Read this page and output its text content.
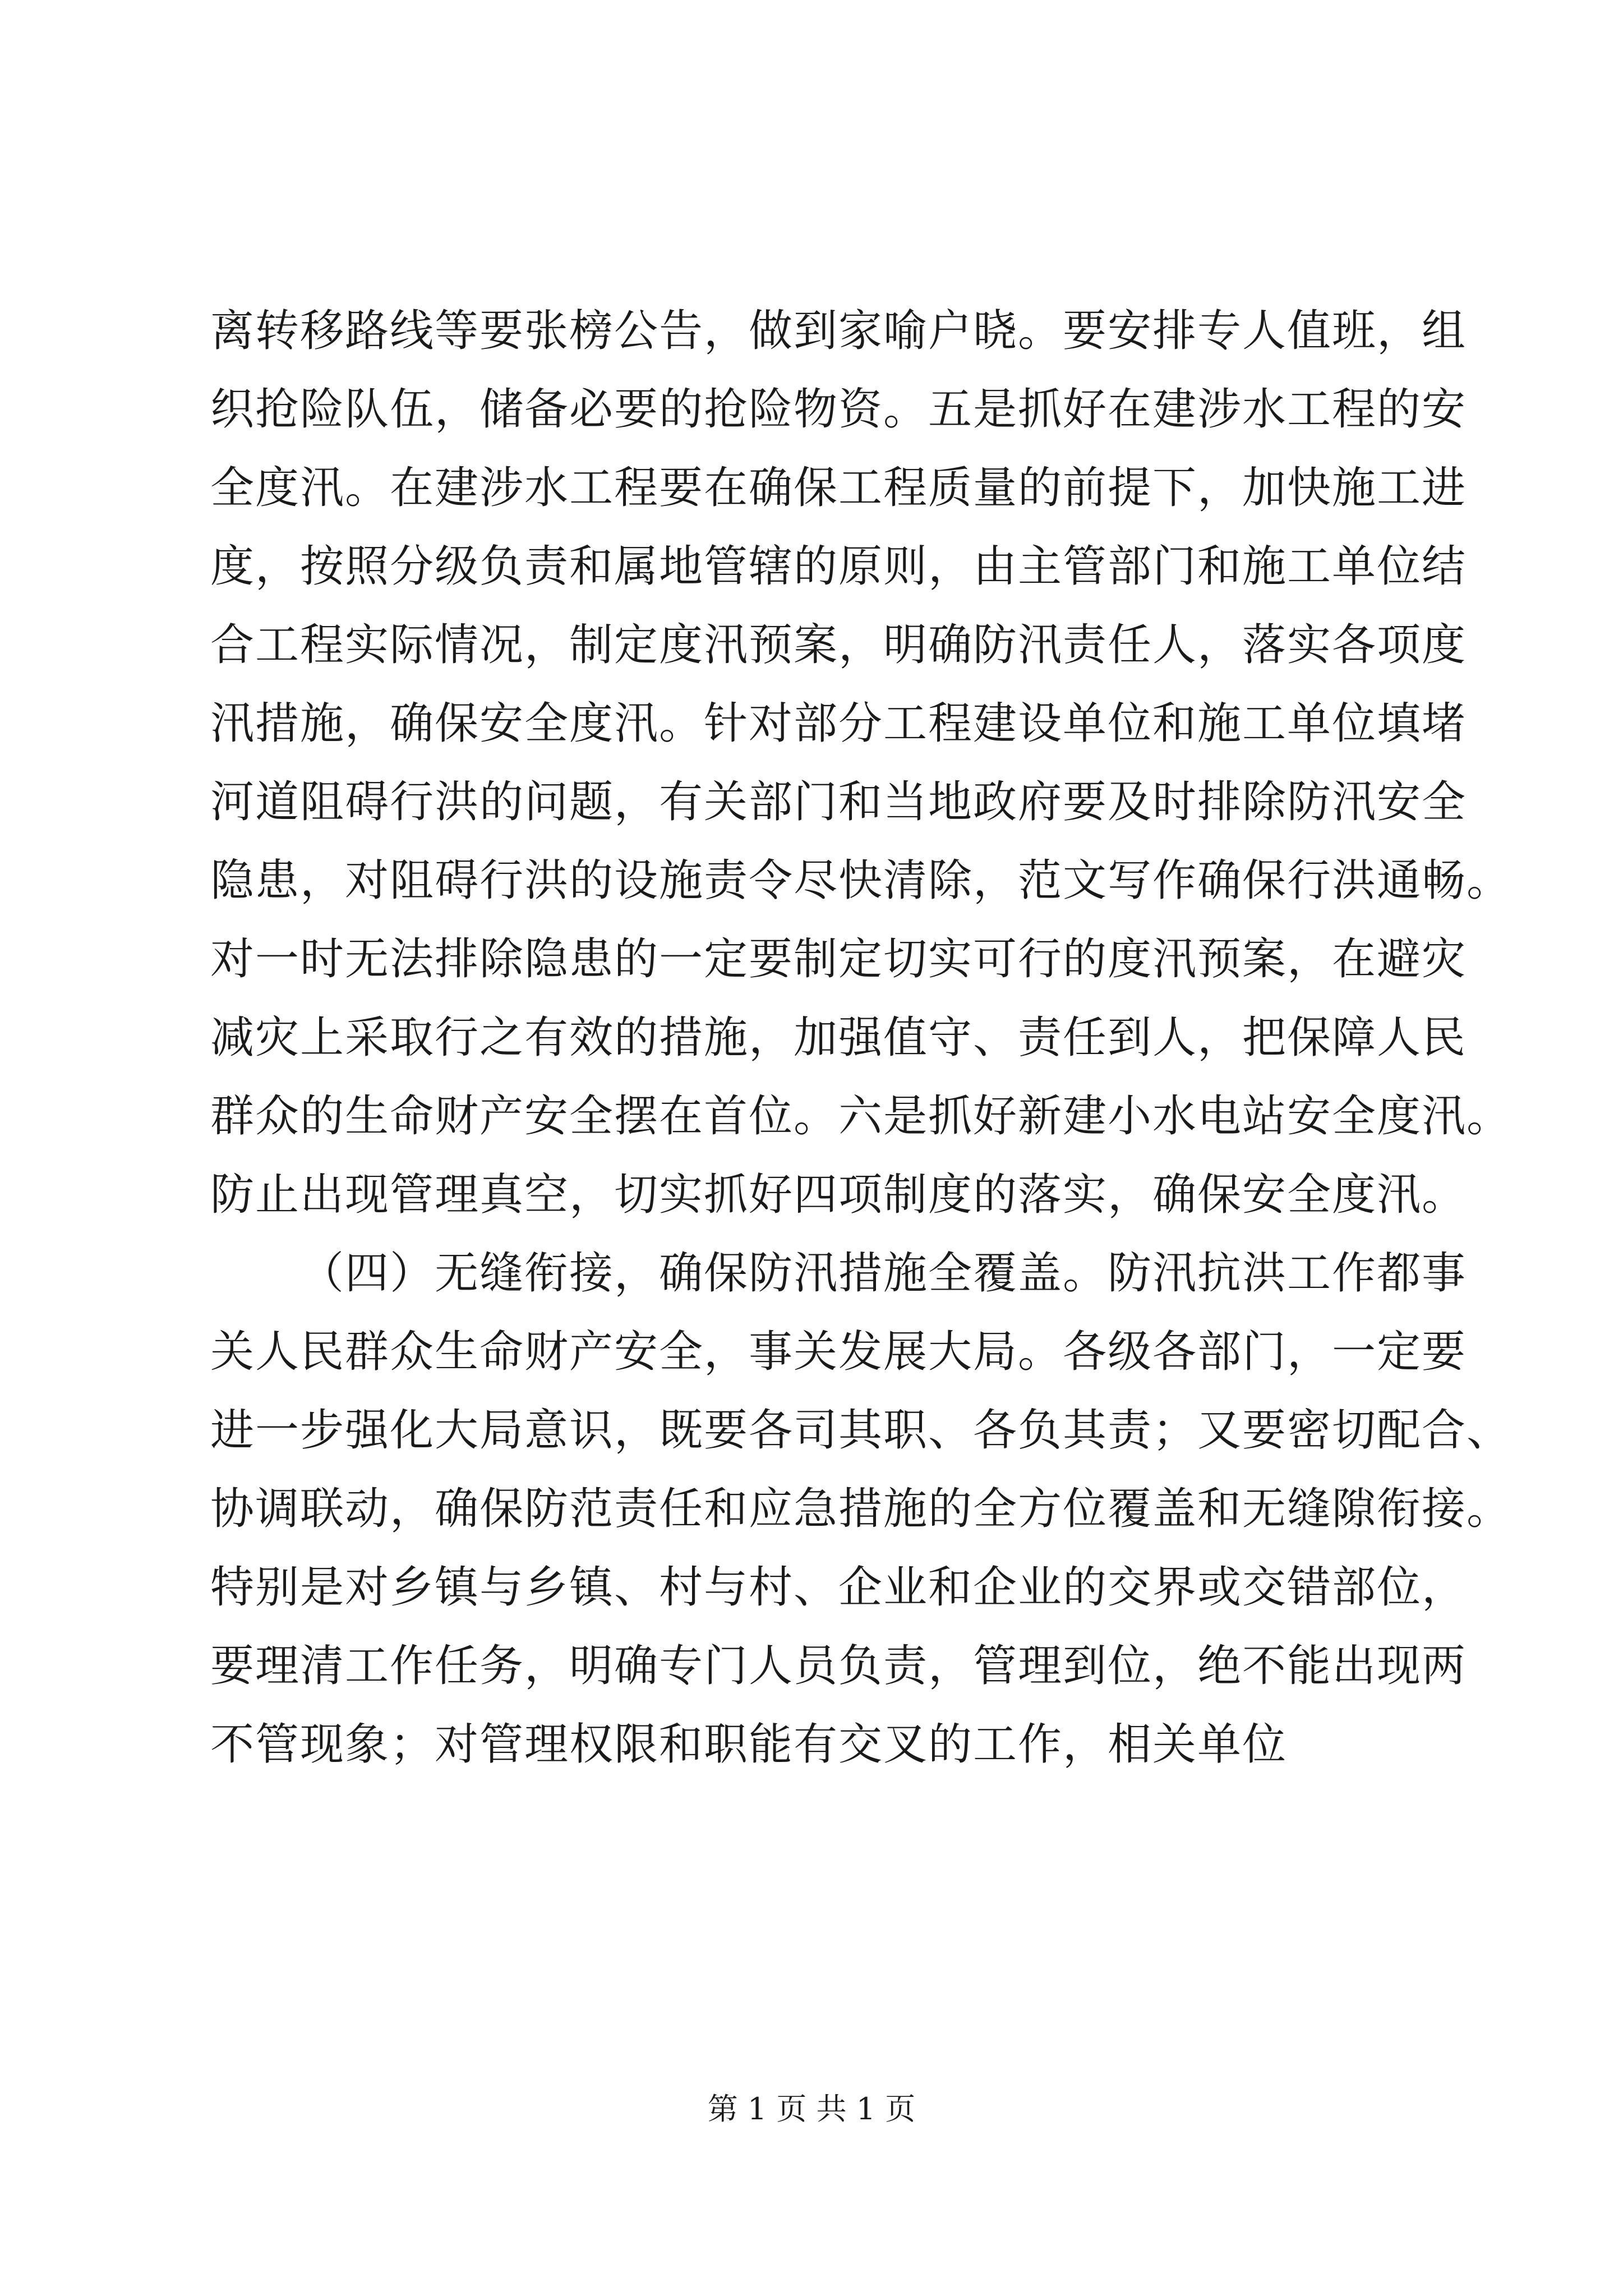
离转移路线等要张榜公告，做到家喻户晓。要安排专人值班，组
织抢险队伍，储备必要的抢险物资。五是抓好在建涉水工程的安
全度汛。在建涉水工程要在确保工程质量的前提下，加快施工进
度，按照分级负责和属地管辖的原则，由主管部门和施工单位结
合工程实际情况，制定度汛预案，明确防汛责任人，落实各项度
汛措施，确保安全度汛。针对部分工程建设单位和施工单位填堵
河道阻碍行洪的问题，有关部门和当地政府要及时排除防汛安全
隐患，对阻碍行洪的设施责令尽快清除，范文写作确保行洪通畅。
对一时无法排除隐患的一定要制定切实可行的度汛预案，在避灾
减灾上采取行之有效的措施，加强值守、责任到人，把保障人民
群众的生命财产安全摆在首位。六是抓好新建小水电站安全度汛。
防止出现管理真空，切实抓好四项制度的落实，确保安全度汛。
（四）无缝衔接，确保防汛措施全覆盖。防汛抗洪工作都事
关人民群众生命财产安全，事关发展大局。各级各部门，一定要
进一步强化大局意识，既要各司其职、各负其责；又要密切配合、
协调联动，确保防范责任和应急措施的全方位覆盖和无缝隙衔接。
特别是对乡镇与乡镇、村与村、企业和企业的交界或交错部位，
要理清工作任务，明确专门人员负责，管理到位，绝不能出现两
不管现象；对管理权限和职能有交叉的工作，相关单位
第 1 页 共 1 页
